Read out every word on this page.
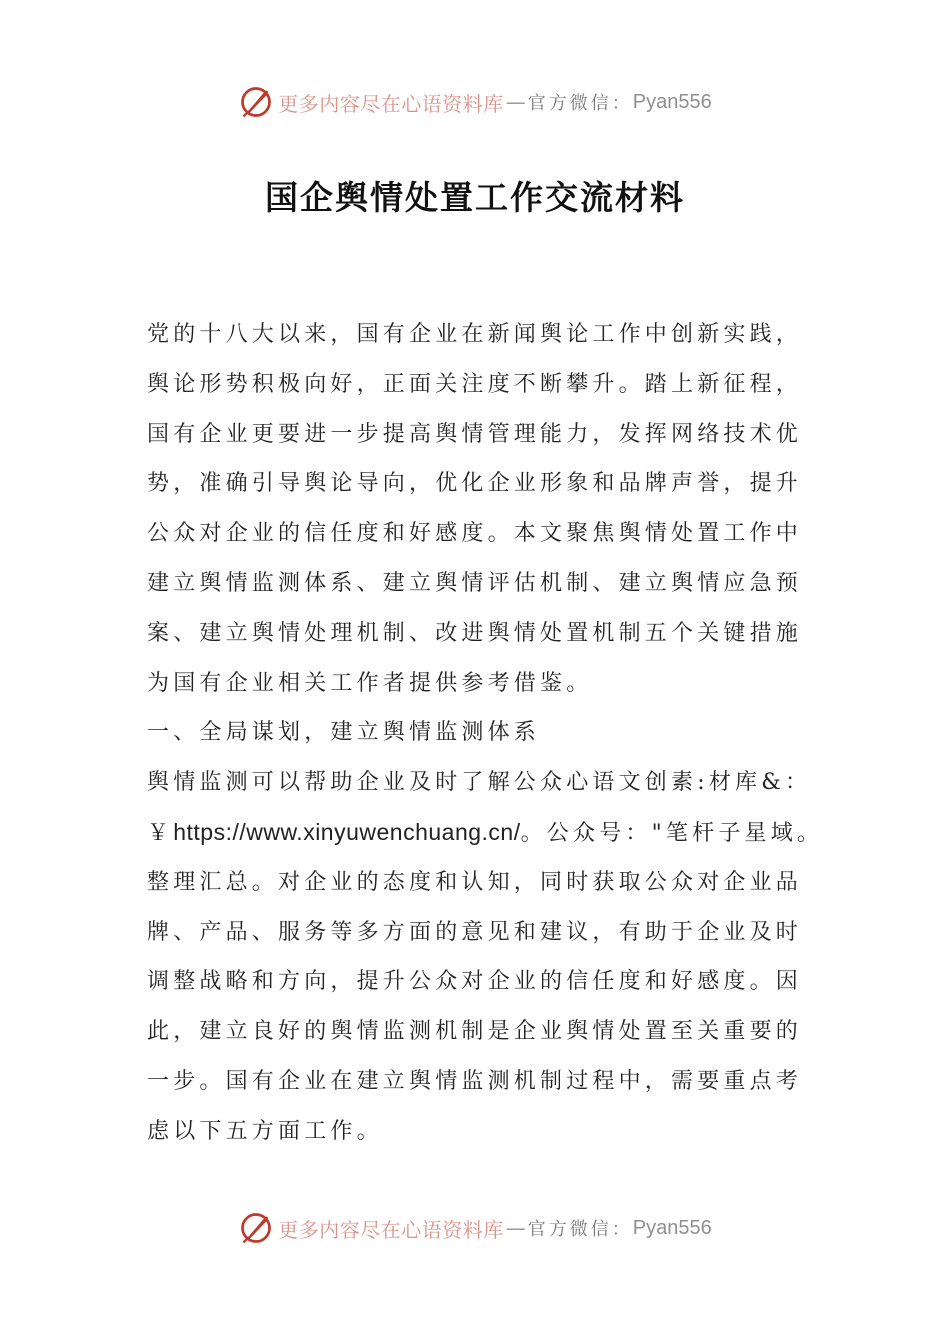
更多内容尽在心语资料库 — 官方微信： Pyan556
国企舆情处置工作交流材料
党的十八大以来，国有企业在新闻舆论工作中创新实践，
舆论形势积极向好，正面关注度不断攀升。踏上新征程，
国有企业更要进一步提高舆情管理能力，发挥网络技术优
势，准确引导舆论导向，优化企业形象和品牌声誉，提升
公众对企业的信任度和好感度。本文聚焦舆情处置工作中
建立舆情监测体系、建立舆情评估机制、建立舆情应急预
案、建立舆情处理机制、改进舆情处置机制五个关键措施
为国有企业相关工作者提供参考借鉴。
一、全局谋划，建立舆情监测体系
舆情监测可以帮助企业及时了解公众心语文创素:材库&：
￥https://www.xinyuwenchuang.cn/。公众号："笔杆子星域。
整理汇总。对企业的态度和认知，同时获取公众对企业品
牌、产品、服务等多方面的意见和建议，有助于企业及时
调整战略和方向，提升公众对企业的信任度和好感度。因
此，建立良好的舆情监测机制是企业舆情处置至关重要的
一步。国有企业在建立舆情监测机制过程中，需要重点考
虑以下五方面工作。
更多内容尽在心语资料库 — 官方微信： Pyan556
